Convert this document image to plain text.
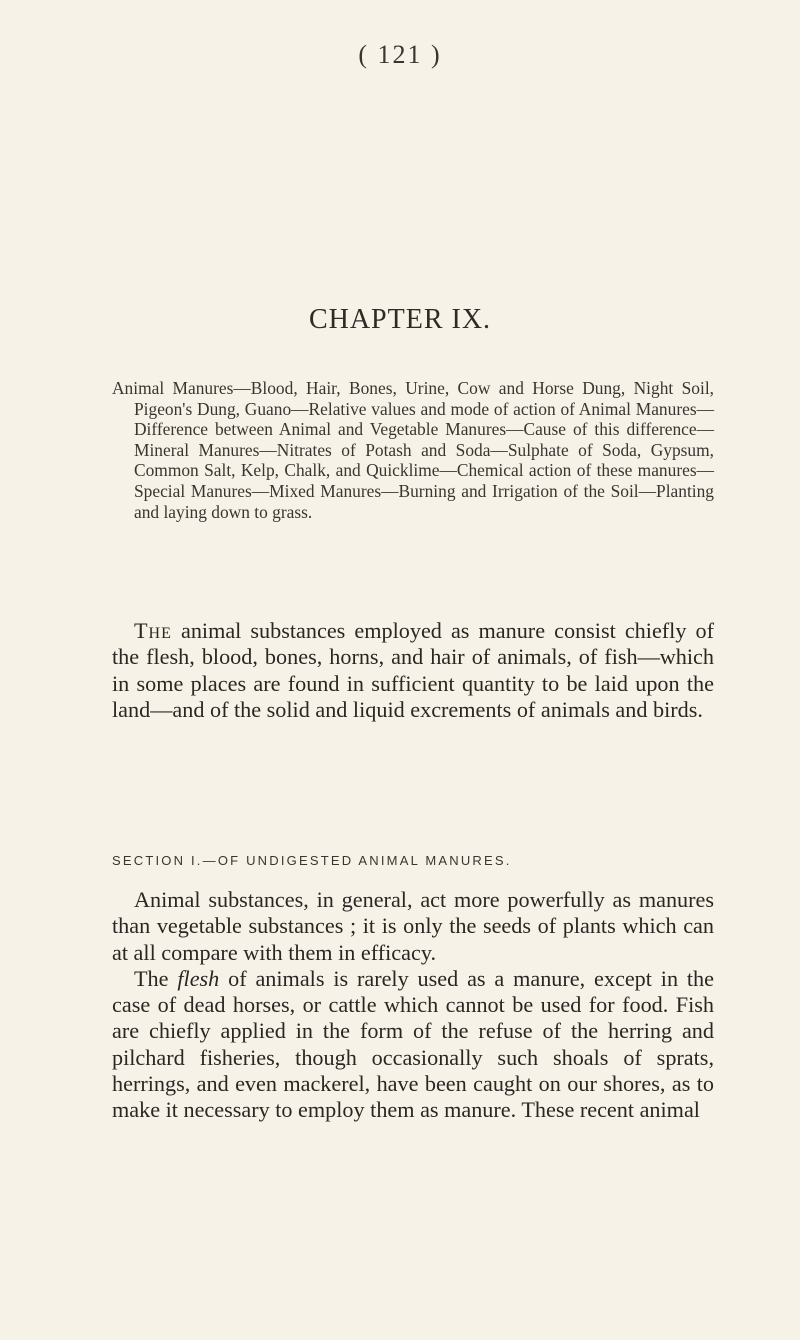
( 121 )
CHAPTER IX.
Animal Manures—Blood, Hair, Bones, Urine, Cow and Horse Dung, Night Soil, Pigeon's Dung, Guano—Relative values and mode of action of Animal Manures—Difference between Animal and Vegetable Manures—Cause of this difference—Mineral Manures—Nitrates of Potash and Soda—Sulphate of Soda, Gypsum, Common Salt, Kelp, Chalk, and Quicklime—Chemical action of these manures—Special Manures—Mixed Manures—Burning and Irrigation of the Soil—Planting and laying down to grass.
The animal substances employed as manure consist chiefly of the flesh, blood, bones, horns, and hair of animals, of fish—which in some places are found in sufficient quantity to be laid upon the land—and of the solid and liquid excrements of animals and birds.
SECTION I.—OF UNDIGESTED ANIMAL MANURES.

Animal substances, in general, act more powerfully as manures than vegetable substances ; it is only the seeds of plants which can at all compare with them in efficacy.

The flesh of animals is rarely used as a manure, except in the case of dead horses, or cattle which cannot be used for food. Fish are chiefly applied in the form of the refuse of the herring and pilchard fisheries, though occasionally such shoals of sprats, herrings, and even mackerel, have been caught on our shores, as to make it necessary to employ them as manure. These recent animal
